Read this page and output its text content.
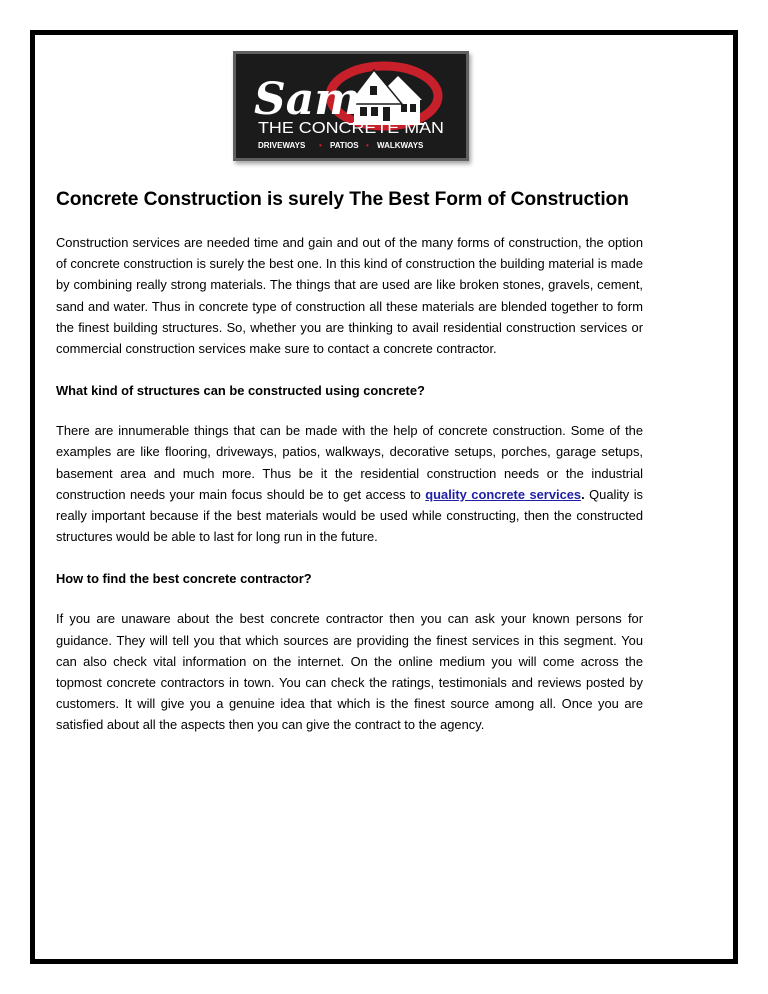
Sam
THE CONCRETE MAN
DRIVEWAYS • PATIOS • WALKWAYS
Concrete Construction is surely The Best Form of Construction

Construction services are needed time and gain and out of the many forms of construction, the option of concrete construction is surely the best one. In this kind of construction the building material is made by combining really strong materials. The things that are used are like broken stones, gravels, cement, sand and water. Thus in concrete type of construction all these materials are blended together to form the finest building structures. So, whether you are thinking to avail residential construction services or commercial construction services make sure to contact a concrete contractor.

What kind of structures can be constructed using concrete?

There are innumerable things that can be made with the help of concrete construction. Some of the examples are like flooring, driveways, patios, walkways, decorative setups, porches, garage setups, basement area and much more. Thus be it the residential construction needs or the industrial construction needs your main focus should be to get access to quality concrete services. Quality is really important because if the best materials would be used while constructing, then the constructed structures would be able to last for long run in the future.

How to find the best concrete contractor?

If you are unaware about the best concrete contractor then you can ask your known persons for guidance. They will tell you that which sources are providing the finest services in this segment. You can also check vital information on the internet. On the online medium you will come across the topmost concrete contractors in town. You can check the ratings, testimonials and reviews posted by customers. It will give you a genuine idea that which is the finest source among all. Once you are satisfied about all the aspects then you can give the contract to the agency.
